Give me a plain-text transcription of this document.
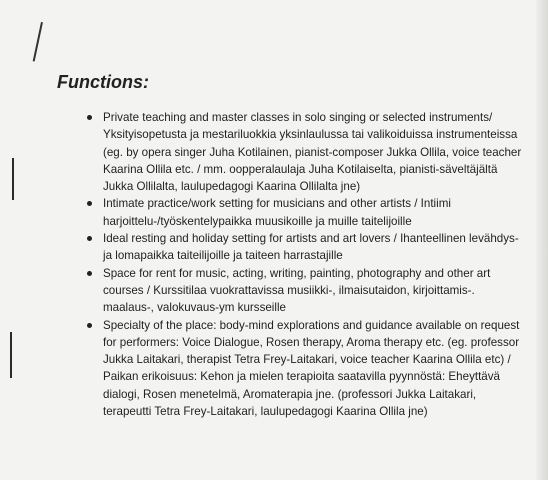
Functions:
Private teaching and master classes in solo singing or selected instruments/ Yksityisopetusta ja mestariluokkia yksinlaulussa tai valikoiduissa instrumenteissa (eg. by opera singer Juha Kotilainen, pianist-composer Jukka Ollila, voice teacher Kaarina Ollila etc. / mm. oopperalaulaja Juha Kotilaiselta, pianisti-säveltäjältä Jukka Ollilalta, laulupedagogi Kaarina Ollilalta jne)
Intimate practice/work setting for musicians and other artists / Intiimi harjoittelu-/työskentelypaikka muusikoille ja muille taitelijoille
Ideal resting and holiday setting for artists and art lovers / Ihanteellinen levähdys- ja lomapaikka taiteilijoille ja taiteen harrastajille
Space for rent for music, acting, writing, painting, photography and other art courses / Kurssitilaa vuokrattavissa musiikki-, ilmaisutaidon, kirjoittamis-. maalaus-, valokuvaus-ym kursseille
Specialty of the place: body-mind explorations and guidance available on request for performers: Voice Dialogue, Rosen therapy, Aroma therapy etc. (eg. professor Jukka Laitakari, therapist Tetra Frey-Laitakari, voice teacher Kaarina Ollila etc) / Paikan erikoisuus: Kehon ja mielen terapioita saatavilla pyynnöstä: Eheyttävä dialogi, Rosen menetelmä, Aromaterapia jne. (professori Jukka Laitakari, terapeutti Tetra Frey-Laitakari, laulupedagogi Kaarina Ollila jne)
